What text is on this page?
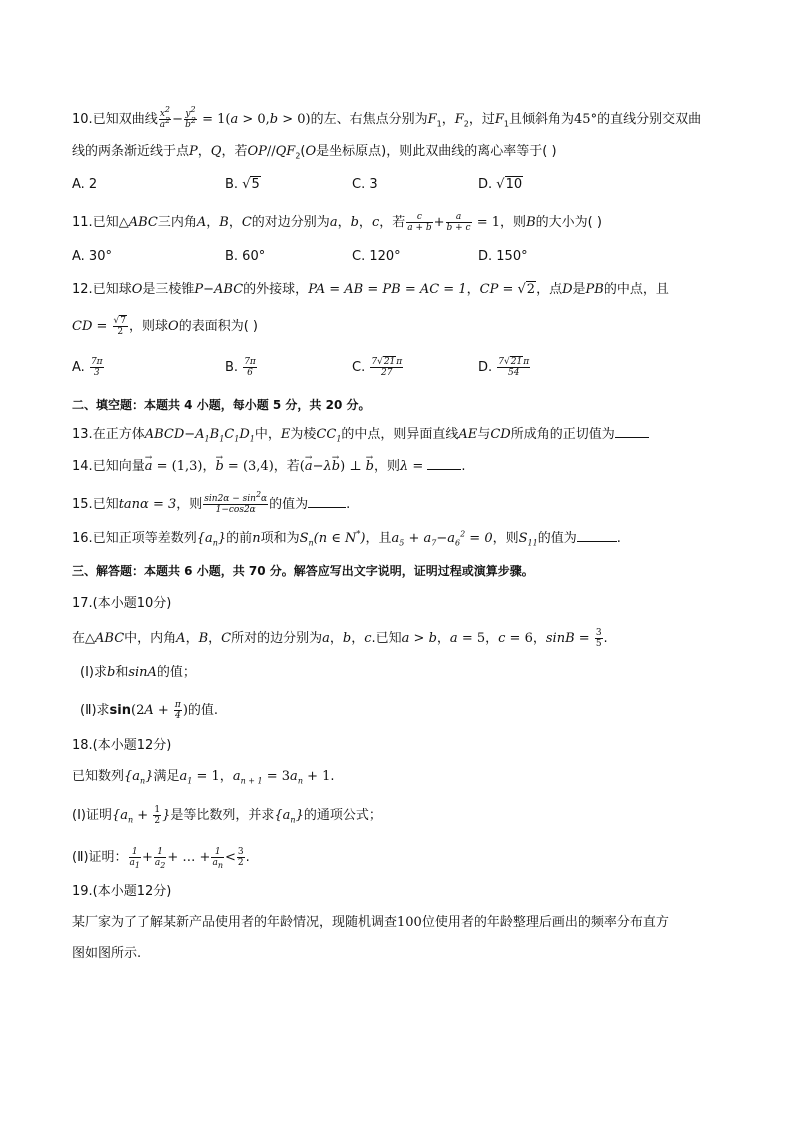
10.已知双曲线 $\frac{x^2}{a^2} - \frac{y^2}{b^2} = 1(a > 0,b > 0)$的左、右焦点分别为$F_1$，$F_2$，过$F_1$且倾斜角为45°的直线分别交双曲
线的两条渐近线于点P，Q，若$OP//QF_2(O$是坐标原点)，则此双曲线的离心率等于( )
A. 2	B. √5	C. 3	D. √10
11.已知△ABC三内角A，B，C的对边分别为a，b，c，若 $\frac{c}{a + b} + \frac{a}{b + c} = 1$，则B的大小为( )
A. 30°	B. 60°	C. 120°	D. 150°
12.已知球O是三棱锥P−ABC的外接球，PA = AB = PB = AC = 1，CP = √2，点D是PB的中点，且
CD = $\frac{√7}{2}$ ，则球O的表面积为( )
A. $\frac{7\pi}{3}$	B. $\frac{7\pi}{6}$	C. $\frac{7√21\pi}{27}$	D. $\frac{7√21\pi}{54}$
二、填空题：本题共 4 小题，每小题 5 分，共 20 分。
13.在正方体$ABCD-A_1B_1C_1D_1$中，E为棱$CC_1$的中点，则异面直线AE与CD所成角的正切值为
14.已知向量→ a = (1,3)，→ b = (3,4)，若(→ a−λ→ b) ⊥ → b，则λ =	.
15.已知tanα = 3，则 $\frac{\sin 2\alpha - \sin^2\alpha}{1-\cos 2\alpha}$ 的值为	.
16.已知正项等差数列$\{a_n\}$的前n项和为$S_n(n$ ∈ N*)，且$a_5 + a_7-a_6^2 = 0$，则$S_{11}$的值为	.
三、解答题：本题共 6 小题，共 70 分。解答应写出文字说明，证明过程或演算步骤。
17.(本小题10分)
在△ABC中，内角A，B，C所对的边分别为a，b，c.已知a > b，a = 5，c = 6，$\sin B = \frac{3}{5}$ .
(Ⅰ)求b和sinA的值；
(Ⅱ)求$\sin(2A + \frac{\pi}{4}$ )的值.
18.(本小题12分)
已知数列$\{a_n\}$满足$a_1 = 1$，$a_{n + 1} = 3a_n + 1$.
(Ⅰ)证明{$a_n + \frac{1}{2}$ }是等比数列，并求$\{a_n\}$的通项公式；
(Ⅱ)证明： $\frac{1}{a_1} + \frac{1}{a_2}$ + … + $\frac{1}{a_n} < \frac{3}{2}$ .
19.(本小题12分)
某厂家为了了解某新产品使用者的年龄情况，现随机调查100位使用者的年龄整理后画出的频率分布直方
图如图所示.
